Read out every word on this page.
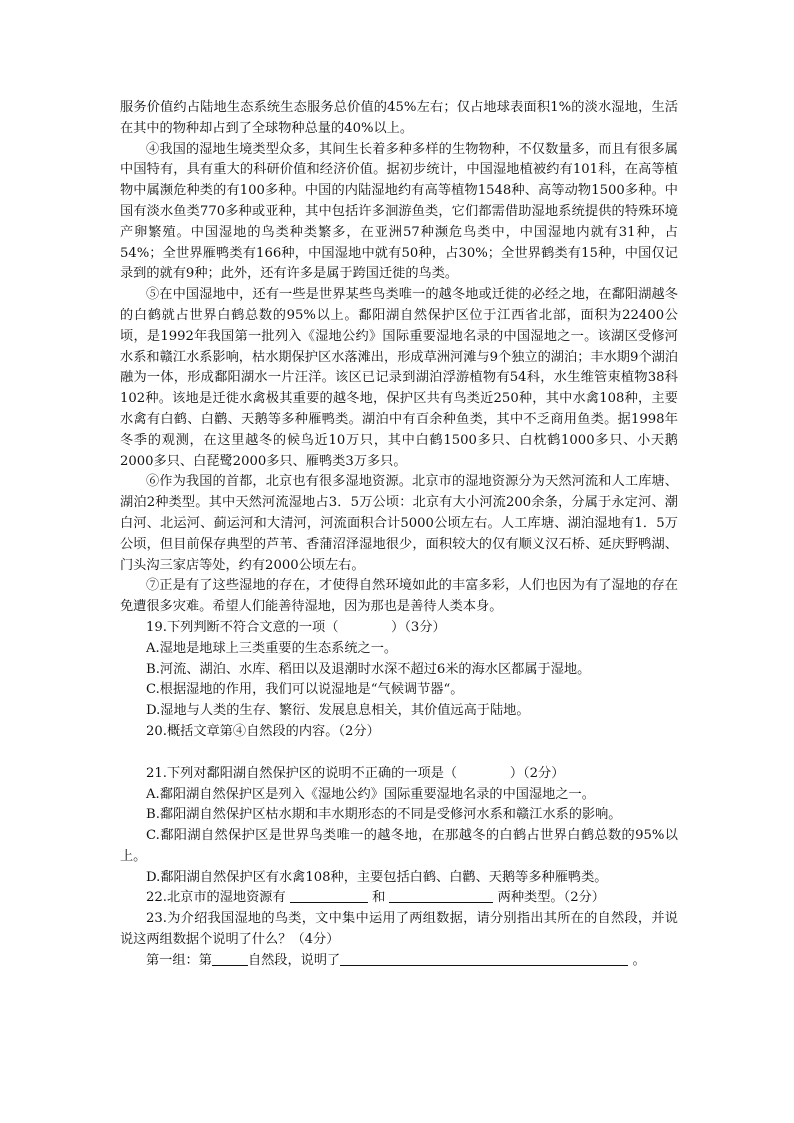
服务价值约占陆地生态系统生态服务总价值的45%左右；仅占地球表面积1%的淡水湿地，生活在其中的物种却占到了全球物种总量的40%以上。

④我国的湿地生境类型众多，其间生长着多种多样的生物物种，不仅数量多，而且有很多属中国特有，具有重大的科研价值和经济价值。据初步统计，中国湿地植被约有101科，在高等植物中属濒危种类的有100多种。中国的内陆湿地约有高等植物1548种、高等动物1500多种。中国有淡水鱼类770多种或亚种，其中包括许多洄游鱼类，它们都需借助湿地系统提供的特殊环境产卵繁殖。中国湿地的鸟类种类繁多，在亚洲57种濒危鸟类中，中国湿地内就有31种，占54%；全世界雁鸭类有166种，中国湿地中就有50种，占30%；全世界鹤类有15种，中国仅记录到的就有9种；此外，还有许多是属于跨国迁徙的鸟类。

⑤在中国湿地中，还有一些是世界某些鸟类唯一的越冬地或迁徙的必经之地，在鄱阳湖越冬的白鹤就占世界白鹤总数的95%以上。鄱阳湖自然保护区位于江西省北部，面积为22400公顷，是1992年我国第一批列入《湿地公约》国际重要湿地名录的中国湿地之一。该湖区受修河水系和赣江水系影响，枯水期保护区水落滩出，形成草洲河滩与9个独立的湖泊；丰水期9个湖泊融为一体，形成鄱阳湖水一片汪洋。该区已记录到湖泊浮游植物有54科，水生维管束植物38科102种。该地是迁徙水禽极其重要的越冬地，保护区共有鸟类近250种，其中水禽108种，主要水禽有白鹤、白鹳、天鹅等多种雁鸭类。湖泊中有百余种鱼类，其中不乏商用鱼类。据1998年冬季的观测，在这里越冬的候鸟近10万只，其中白鹤1500多只、白枕鹤1000多只、小天鹅2000多只、白琵鹭2000多只、雁鸭类3万多只。

⑥作为我国的首都，北京也有很多湿地资源。北京市的湿地资源分为天然河流和人工库塘、湖泊2种类型。其中天然河流湿地占3．5万公顷：北京有大小河流200余条，分属于永定河、潮白河、北运河、蓟运河和大清河，河流面积合计5000公顷左右。人工库塘、湖泊湿地有1．5万公顷，但目前保存典型的芦苇、香蒲沼泽湿地很少，面积较大的仅有顺义汉石桥、延庆野鸭湖、门头沟三家店等处，约有2000公顷左右。

⑦正是有了这些湿地的存在，才使得自然环境如此的丰富多彩，人们也因为有了湿地的存在免遭很多灾难。希望人们能善待湿地，因为那也是善待人类本身。

19.下列判断不符合文意的一项（　　　　）（3分）

A.湿地是地球上三类重要的生态系统之一。

B.河流、湖泊、水库、稻田以及退潮时水深不超过6米的海水区都属于湿地。

C.根据湿地的作用，我们可以说湿地是“气候调节器“。

D.湿地与人类的生存、繁衍、发展息息相关，其价值远高于陆地。

20.概括文章第④自然段的内容。（2分）

21.下列对鄱阳湖自然保护区的说明不正确的一项是（　　　　）（2分）

A.鄱阳湖自然保护区是列入《湿地公约》国际重要湿地名录的中国湿地之一。

B.鄱阳湖自然保护区枯水期和丰水期形态的不同是受修河水系和赣江水系的影响。

C.鄱阳湖自然保护区是世界鸟类唯一的越冬地，在那越冬的白鹤占世界白鹤总数的95%以上。

D.鄱阳湖自然保护区有水禽108种，主要包括白鹤、白鹳、天鹅等多种雁鸭类。

22.北京市的湿地资源有	和	两种类型。（2分）

23.为介绍我国湿地的鸟类，文中集中运用了两组数据，请分别指出其所在的自然段，并说说这两组数据个说明了什么？（4分）

第一组：第	自然段，说明了	。
